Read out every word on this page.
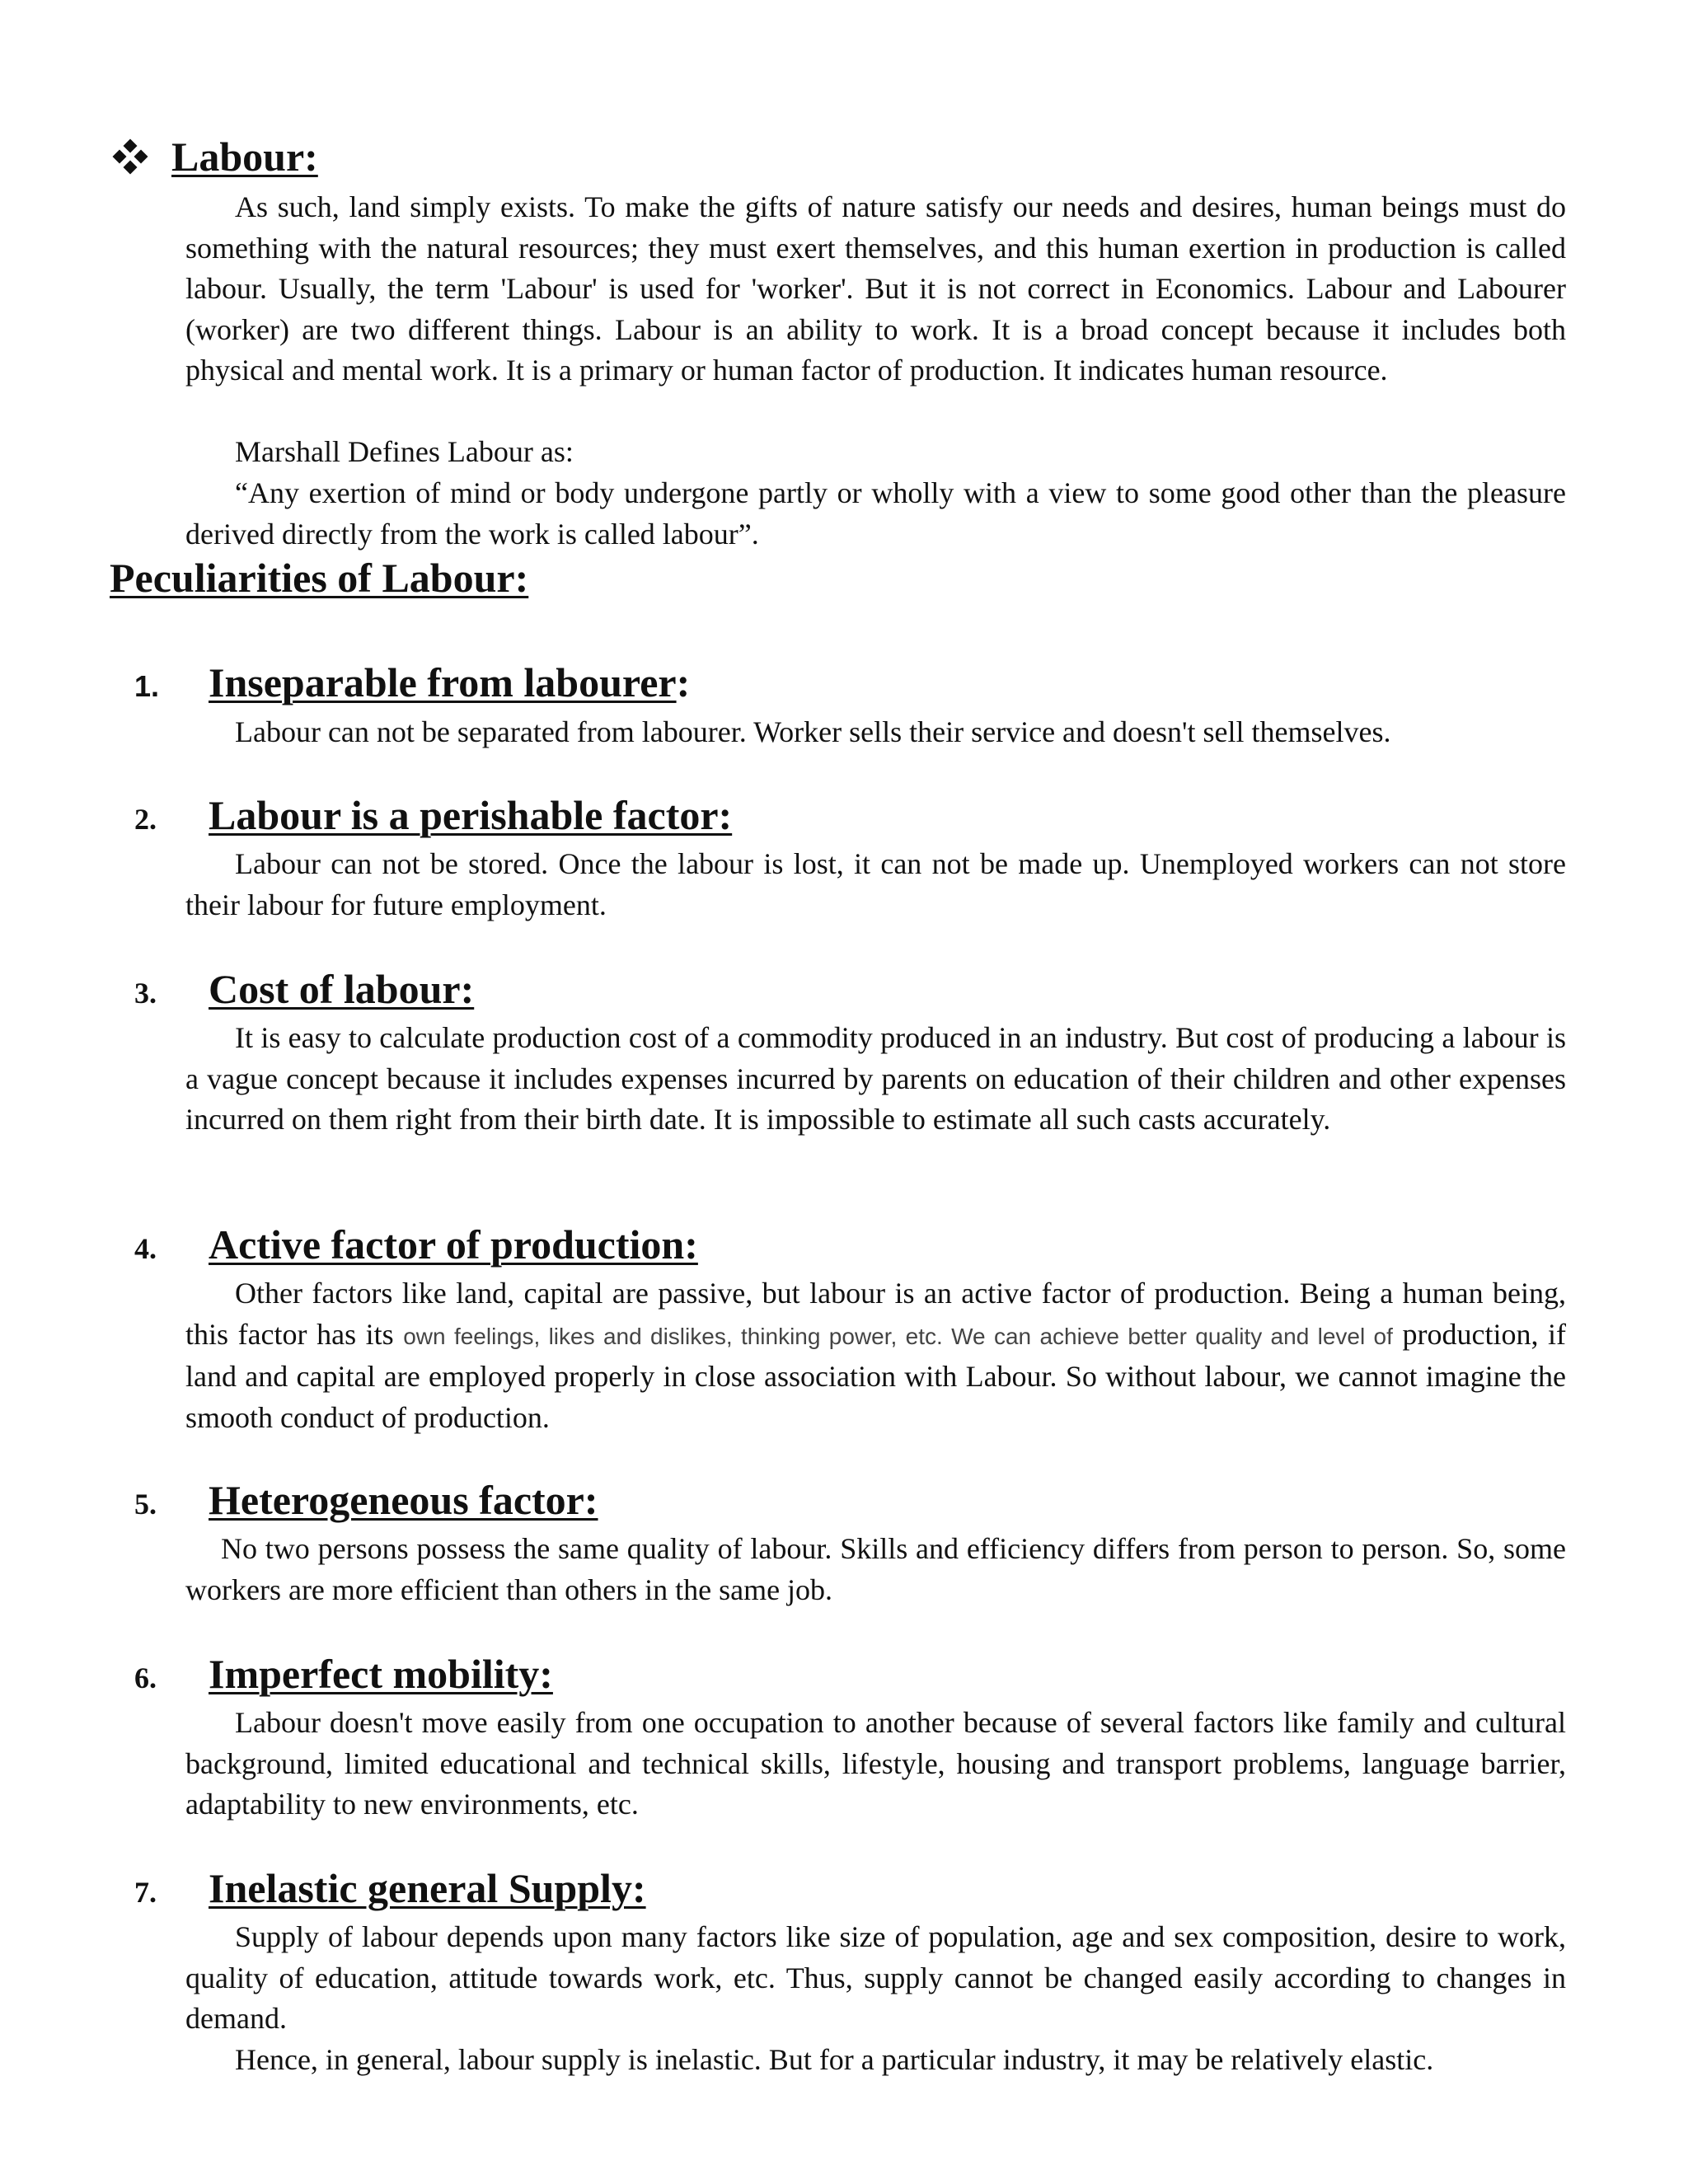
Labour:

As such, land simply exists. To make the gifts of nature satisfy our needs and desires, human beings must do something with the natural resources; they must exert themselves, and this human exertion in production is called labour. Usually, the term 'Labour' is used for 'worker'. But it is not correct in Economics. Labour and Labourer (worker) are two different things. Labour is an ability to work. It is a broad concept because it includes both physical and mental work. It is a primary or human factor of production. It indicates human resource.

Marshall Defines Labour as:

“Any exertion of mind or body undergone partly or wholly with a view to some good other than the pleasure derived directly from the work is called labour”.

Peculiarities of Labour:
1.	Inseparable from labourer :

Labour can not be separated from labourer. Worker sells their service and doesn't sell themselves.

2.	Labour is a perishable factor:

Labour can not be stored. Once the labour is lost, it can not be made up. Unemployed workers can not store their labour for future employment.

3.	Cost of labour:

It is easy to calculate production cost of a commodity produced in an industry. But cost of producing a labour is a vague concept because it includes expenses incurred by parents on education of their children and other expenses incurred on them right from their birth date. It is impossible to estimate all such casts accurately.

4.	Active factor of production:

Other factors like land, capital are passive, but labour is an active factor of production. Being a human being, this factor has its own feelings, likes and dislikes, thinking power, etc. We can achieve better quality and level of production, if land and capital are employed properly in close association with Labour. So without labour, we cannot imagine the smooth conduct of production.

5.	Heterogeneous factor:

No two persons possess the same quality of labour. Skills and efficiency differs from person to person. So, some workers are more efficient than others in the same job.

6.	Imperfect mobility:

Labour doesn't move easily from one occupation to another because of several factors like family and cultural background, limited educational and technical skills, lifestyle, housing and transport problems, language barrier, adaptability to new environments, etc.

7.	Inelastic general Supply:

Supply of labour depends upon many factors like size of population, age and sex composition, desire to work, quality of education, attitude towards work, etc. Thus, supply cannot be changed easily according to changes in demand.

Hence, in general, labour supply is inelastic. But for a particular industry, it may be relatively elastic.
